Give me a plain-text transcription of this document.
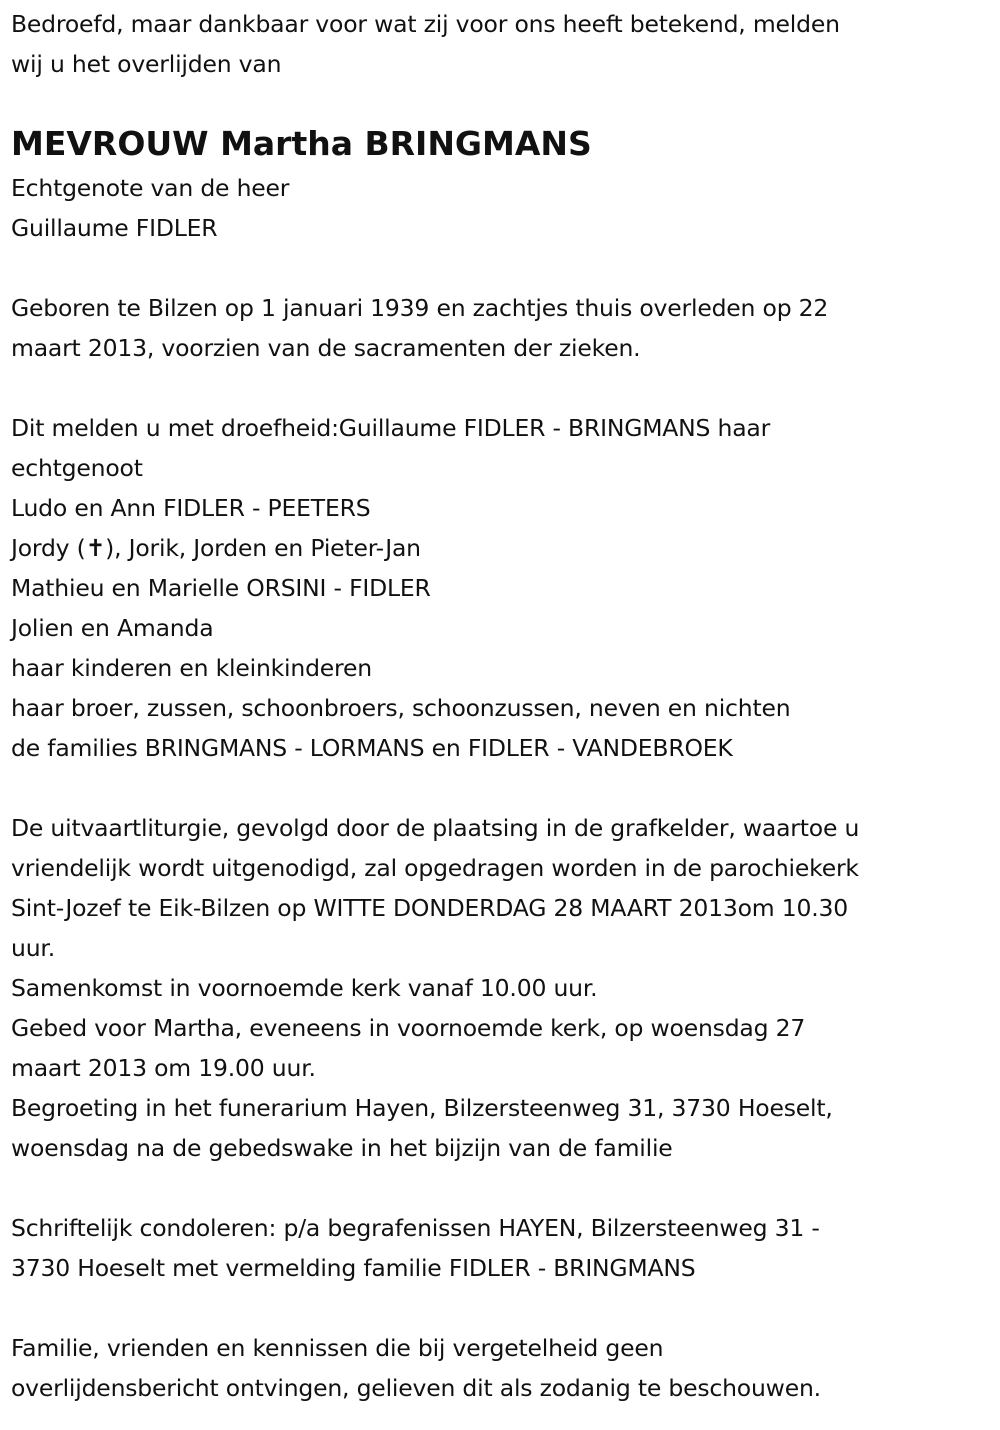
Bedroefd, maar dankbaar voor wat zij voor ons heeft betekend, melden
wij u het overlijden van
MEVROUW Martha BRINGMANS
Echtgenote van de heer
Guillaume FIDLER
Geboren te Bilzen op 1 januari 1939 en zachtjes thuis overleden op 22
maart 2013, voorzien van de sacramenten der zieken.
Dit melden u met droefheid:Guillaume FIDLER - BRINGMANS haar
echtgenoot
Ludo en Ann FIDLER - PEETERS
Jordy (✝), Jorik, Jorden en Pieter-Jan
Mathieu en Marielle ORSINI - FIDLER
Jolien en Amanda
haar kinderen en kleinkinderen
haar broer, zussen, schoonbroers, schoonzussen, neven en nichten
de families BRINGMANS - LORMANS en FIDLER - VANDEBROEK
De uitvaartliturgie, gevolgd door de plaatsing in de grafkelder, waartoe u
vriendelijk wordt uitgenodigd, zal opgedragen worden in de parochiekerk
Sint-Jozef te Eik-Bilzen op WITTE DONDERDAG 28 MAART 2013om 10.30
uur.
Samenkomst in voornoemde kerk vanaf 10.00 uur.
Gebed voor Martha, eveneens in voornoemde kerk, op woensdag 27
maart 2013 om 19.00 uur.
Begroeting in het funerarium Hayen, Bilzersteenweg 31, 3730 Hoeselt,
woensdag na de gebedswake in het bijzijn van de familie
Schriftelijk condoleren: p/a begrafenissen HAYEN, Bilzersteenweg 31 -
3730 Hoeselt met vermelding familie FIDLER - BRINGMANS
Familie, vrienden en kennissen die bij vergetelheid geen
overlijdensbericht ontvingen, gelieven dit als zodanig te beschouwen.
